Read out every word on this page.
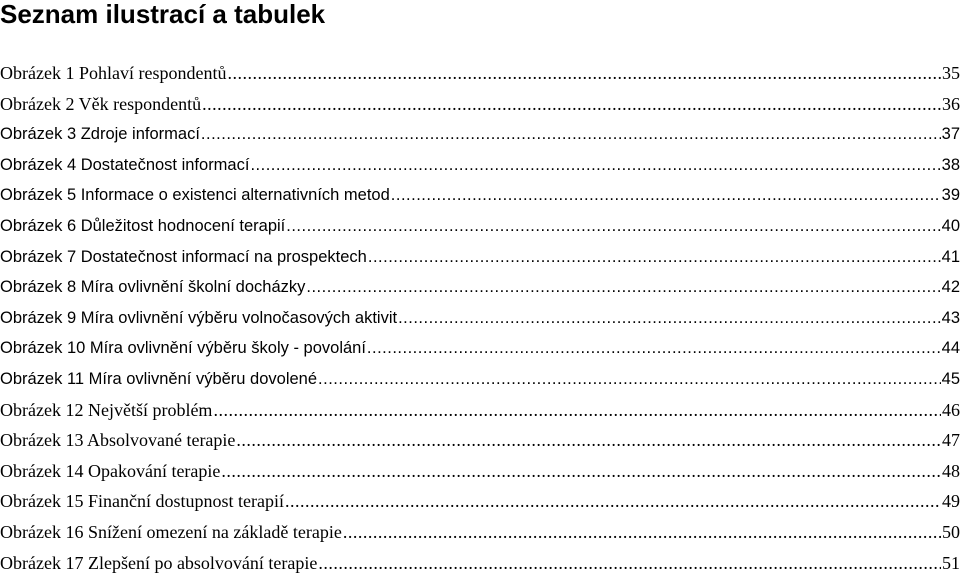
Seznam ilustrací a tabulek
Obrázek 1 Pohlaví respondentů .....	35
Obrázek 2 Věk respondentů .....	36
Obrázek 3 Zdroje informací .....	37
Obrázek 4 Dostatečnost informací .....	38
Obrázek 5 Informace o existenci alternativních metod .....	39
Obrázek 6 Důležitost hodnocení terapií .....	40
Obrázek 7 Dostatečnost informací na prospektech .....	41
Obrázek 8 Míra ovlivnění školní docházky .....	42
Obrázek 9 Míra ovlivnění výběru volnočasových aktivit .....	43
Obrázek 10 Míra ovlivnění výběru školy - povolání .....	44
Obrázek 11 Míra ovlivnění výběru dovolené .....	45
Obrázek 12 Největší problém .....	46
Obrázek 13 Absolvované terapie .....	47
Obrázek 14 Opakování terapie .....	48
Obrázek 15 Finanční dostupnost terapií .....	49
Obrázek 16 Snížení omezení na základě terapie .....	50
Obrázek 17 Zlepšení po absolvování terapie .....	51
